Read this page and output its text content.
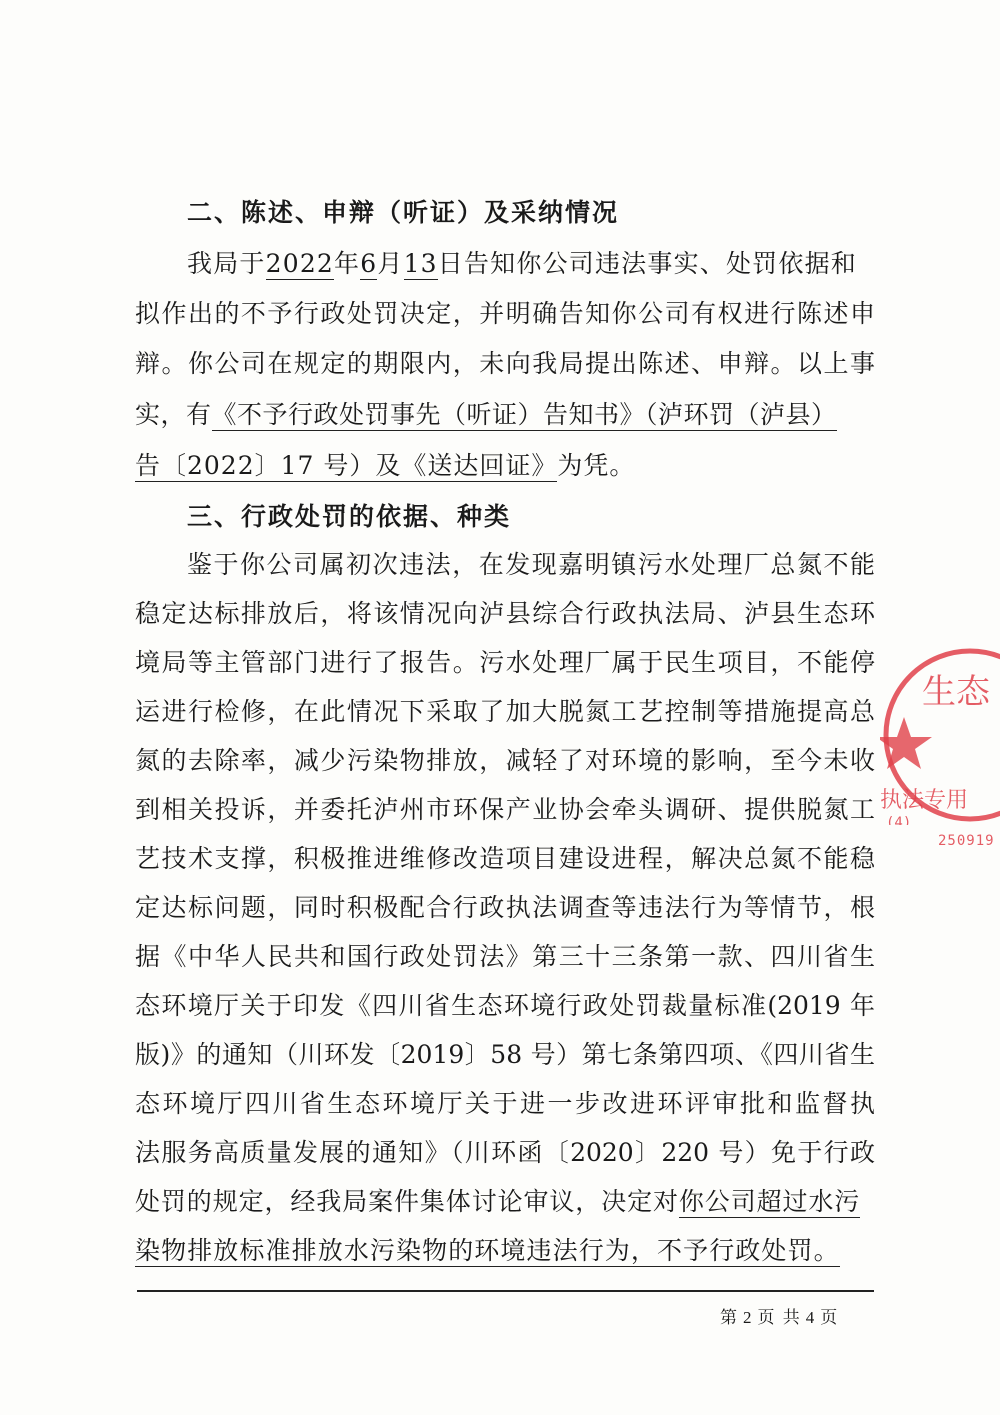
二、陈述、申辩（听证）及采纳情况
我局于2022年6月13日告知你公司违法事实、处罚依据和
拟作出的不予行政处罚决定，并明确告知你公司有权进行陈述申
辩。你公司在规定的期限内，未向我局提出陈述、申辩。以上事
实，有《不予行政处罚事先（听证）告知书》（泸环罚（泸县）
告〔2022〕17 号）及《送达回证》为凭。
三、行政处罚的依据、种类
鉴于你公司属初次违法，在发现嘉明镇污水处理厂总氮不能
稳定达标排放后，将该情况向泸县综合行政执法局、泸县生态环
境局等主管部门进行了报告。污水处理厂属于民生项目，不能停
运进行检修，在此情况下采取了加大脱氮工艺控制等措施提高总
氮的去除率，减少污染物排放，减轻了对环境的影响，至今未收
到相关投诉，并委托泸州市环保产业协会牵头调研、提供脱氮工
艺技术支撑，积极推进维修改造项目建设进程，解决总氮不能稳
定达标问题，同时积极配合行政执法调查等违法行为等情节，根
据《中华人民共和国行政处罚法》第三十三条第一款、四川省生
态环境厅关于印发《四川省生态环境行政处罚裁量标准(2019 年
版)》的通知（川环发〔2019〕58 号）第七条第四项、《四川省生
态环境厅四川省生态环境厅关于进一步改进环评审批和监督执
法服务高质量发展的通知》（川环函〔2020〕220 号）免于行政
处罚的规定，经我局案件集体讨论审议，决定对你公司超过水污
染物排放标准排放水污染物的环境违法行为，不予行政处罚。
第 2 页 共 4 页
生态
执法专用
(4)
250919
